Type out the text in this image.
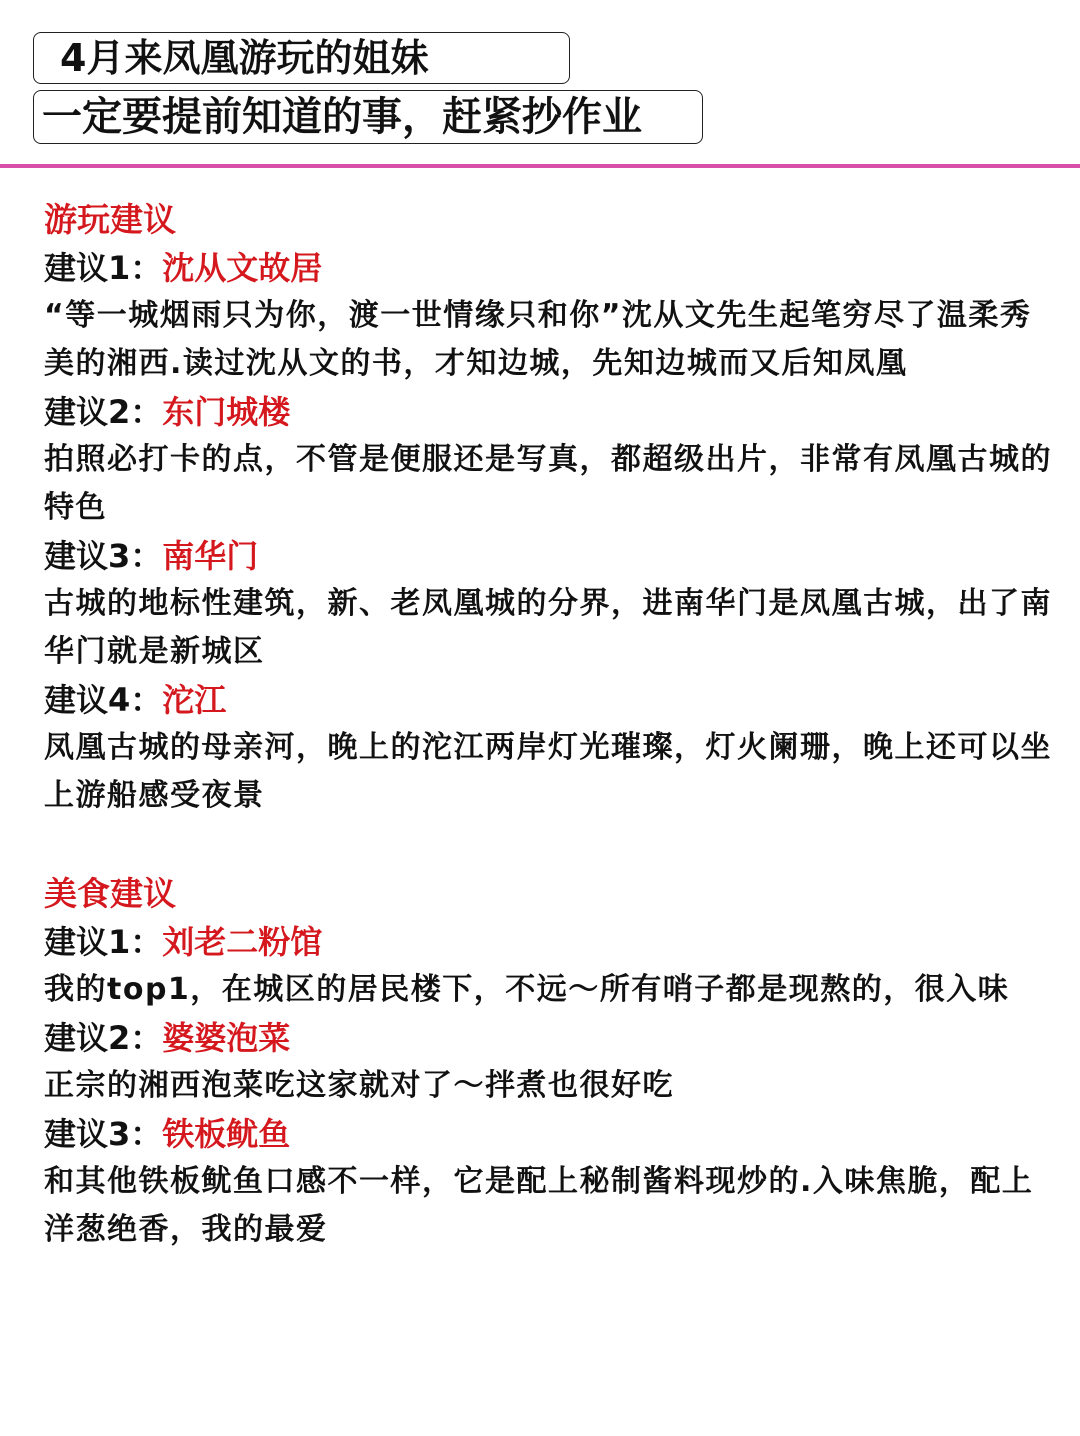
4月来凤凰游玩的姐妹
一定要提前知道的事，赶紧抄作业

游玩建议

建议1：沈从文故居

“等一城烟雨只为你，渡一世情缘只和你”沈从文先生起笔穷尽了温柔秀美的湘西.读过沈从文的书，才知边城，先知边城而又后知凤凰

建议2：东门城楼

拍照必打卡的点，不管是便服还是写真，都超级出片，非常有凤凰古城的特色

建议3：南华门

古城的地标性建筑，新、老凤凰城的分界，进南华门是凤凰古城，出了南华门就是新城区

建议4：沱江

凤凰古城的母亲河，晚上的沱江两岸灯光璀璨，灯火阑珊，晚上还可以坐上游船感受夜景

美食建议

建议1：刘老二粉馆

我的top1，在城区的居民楼下，不远～所有哨子都是现熬的，很入味

建议2：婆婆泡菜

正宗的湘西泡菜吃这家就对了～拌煮也很好吃

建议3：铁板鱿鱼

和其他铁板鱿鱼口感不一样，它是配上秘制酱料现炒的.入味焦脆，配上洋葱绝香，我的最爱
